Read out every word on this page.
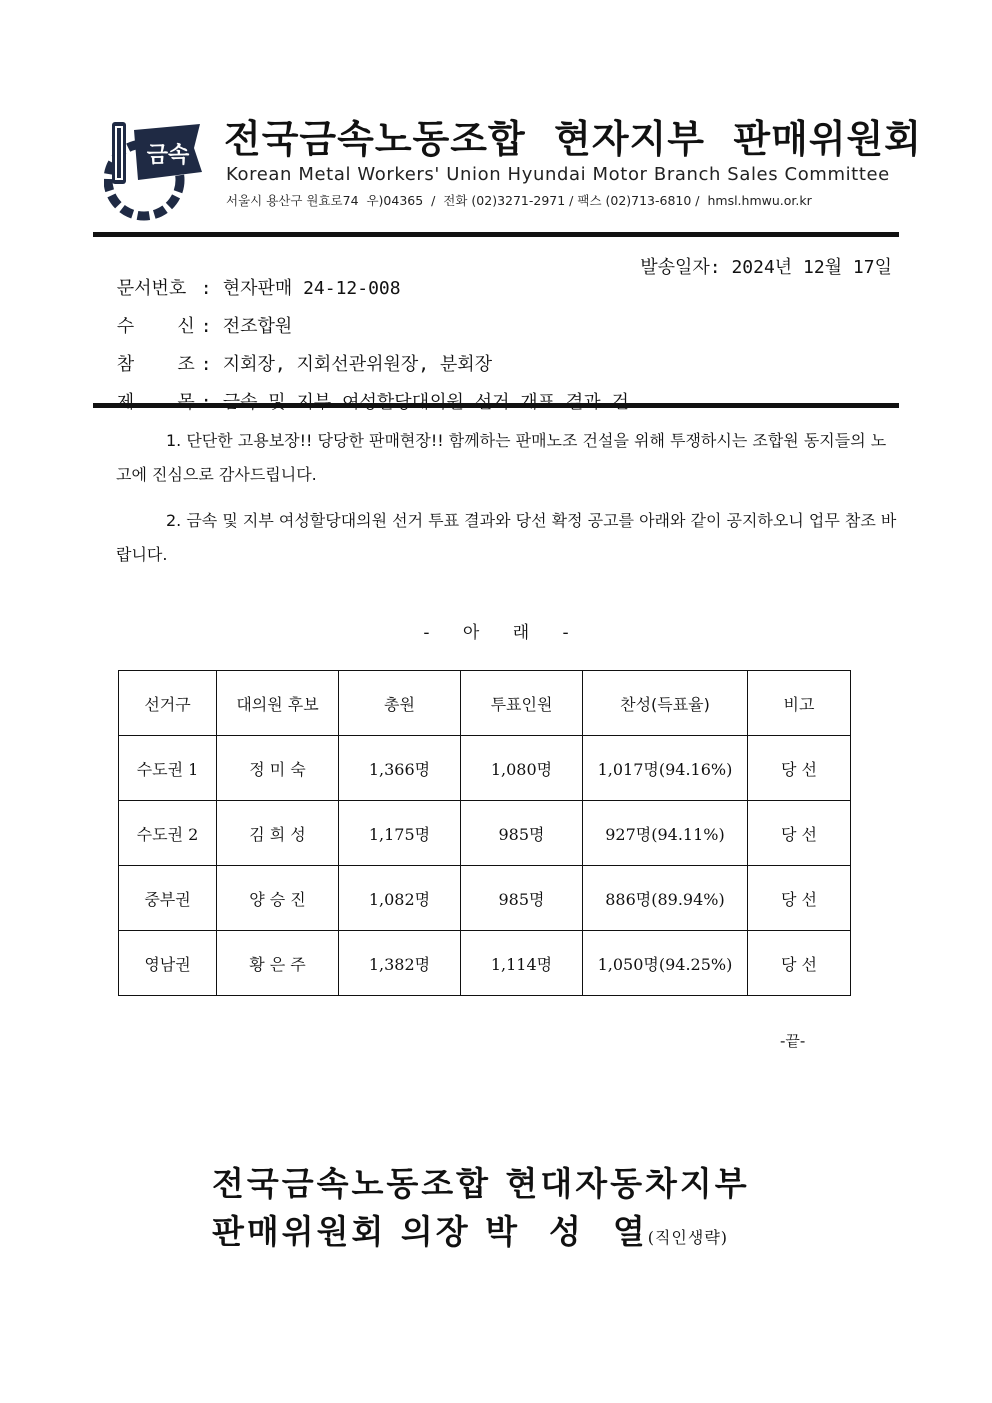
금속 전국금속노동조합  현자지부  판매위원회
Korean Metal Workers' Union Hyundai Motor Branch Sales Committee
서울시 용산구 원효로74  우)04365  /  전화 (02)3271-2971 / 팩스 (02)713-6810 /  hmsl.hmwu.or.kr

문서번호 : 현자판매 24-12-008

발송일자: 2024년 12월 17일

수    신 : 전조합원

참    조 : 지회장, 지회선관위원장, 분회장

1. 단단한 고용보장!! 당당한 판매현장!! 함께하는 판매노조 건설을 위해 투쟁하시는 조합원 동지들의 노고에 진심으로 감사드립니다.
2. 금속 및 지부 여성할당대의원 선거 투표 결과와 당선 확정 공고를 아래와 같이 공지하오니 업무 참조 바랍니다.
- 아 래 -
선거구	대의원 후보	총원	투표인원	찬성(득표율)	비고
수도권 1	정 미 숙	1,366명	1,080명	1,017명(94.16%)	당 선
수도권 2	김 희 성	1,175명	985명	927명(94.11%)	당 선
중부권	양 승 진	1,082명	985명	886명(89.94%)	당 선
영남권	황 은 주	1,382명	1,114명	1,050명(94.25%)	당 선
-끝-
전국금속노동조합 현대자동차지부
판매위원회 의장 박  성  열(직인생략)
